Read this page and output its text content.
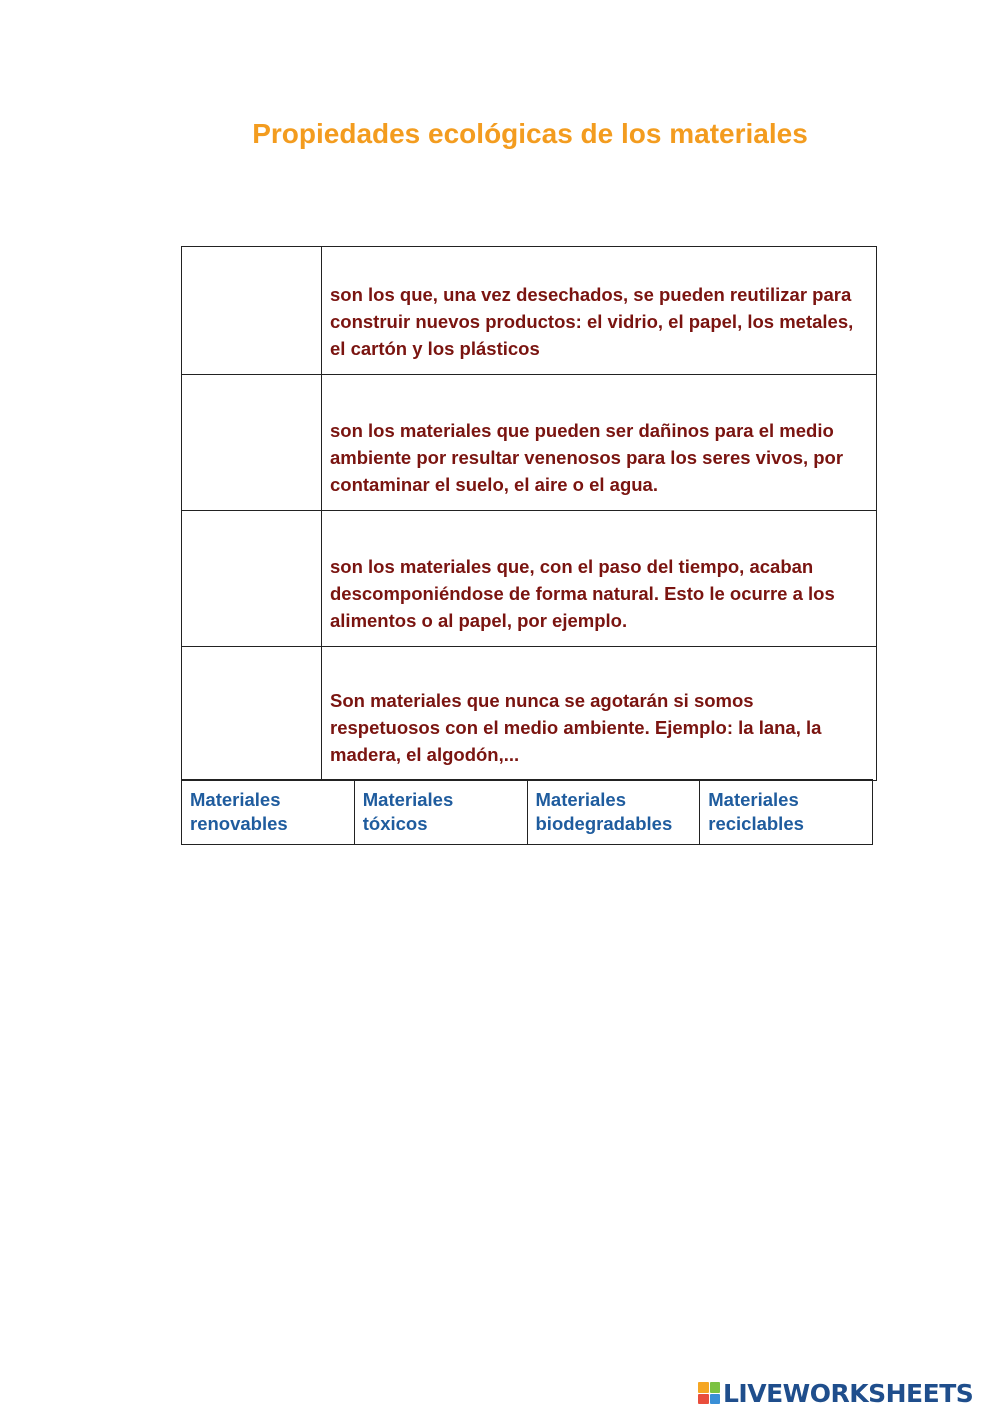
Propiedades ecológicas de los materiales
	son los que, una vez desechados, se pueden reutilizar para construir nuevos productos: el vidrio, el papel, los metales, el cartón y los plásticos
	son los materiales que pueden ser dañinos para el medio ambiente por resultar venenosos para los seres vivos, por contaminar el suelo, el aire o el agua.
	son los materiales que, con el paso del tiempo, acaban descomponiéndose de forma natural. Esto le ocurre a los alimentos o al papel, por ejemplo.
	Son materiales que nunca se agotarán si somos respetuosos con el medio ambiente. Ejemplo: la lana, la madera, el algodón,...
Materiales renovables	Materiales tóxicos	Materiales biodegradables	Materiales reciclables
LIVEWORKSHEETS
